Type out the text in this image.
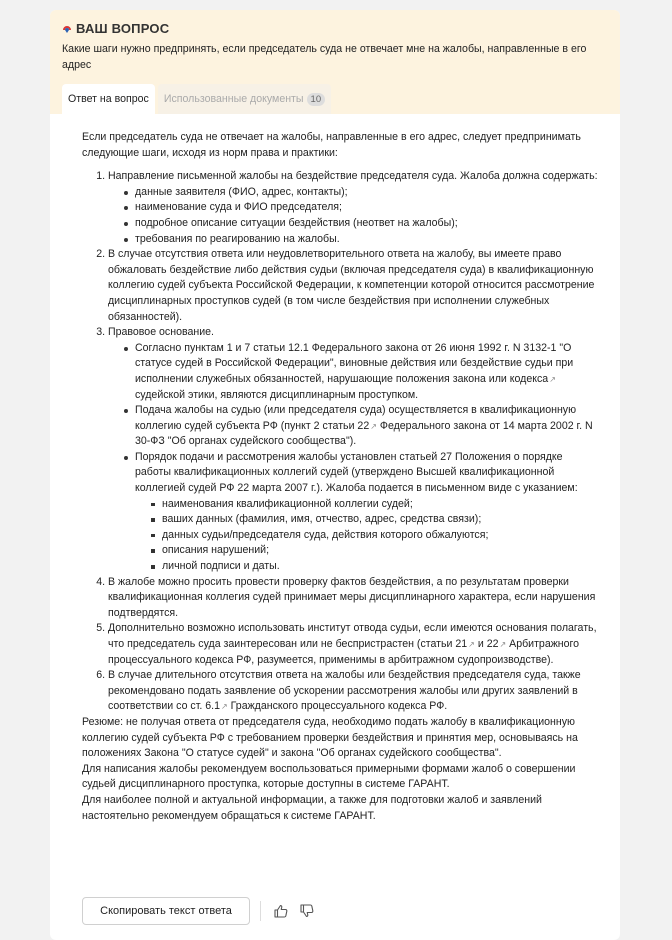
ВАШ ВОПРОС
Какие шаги нужно предпринять, если председатель суда не отвечает мне на жалобы, направленные в его адрес
Ответ на вопрос Использованные документы 10

Если председатель суда не отвечает на жалобы, направленные в его адрес, следует предпринимать следующие шаги, исходя из норм права и практики:

1. Направление письменной жалобы на бездействие председателя суда. Жалоба должна содержать:
данные заявителя (ФИО, адрес, контакты);
наименование суда и ФИО председателя;
подробное описание ситуации бездействия (неответ на жалобы);
требования по реагированию на жалобы.
2. В случае отсутствия ответа или неудовлетворительного ответа на жалобу, вы имеете право обжаловать бездействие либо действия судьи (включая председателя суда) в квалификационную коллегию судей субъекта Российской Федерации, к компетенции которой относится рассмотрение дисциплинарных проступков судей (в том числе бездействия при исполнении служебных обязанностей).
3. Правовое основание.
Согласно пунктам 1 и 7 статьи 12.1 Федерального закона от 26 июня 1992 г. N 3132-1 "О статусе судей в Российской Федерации", виновные действия или бездействие судьи при исполнении служебных обязанностей, нарушающие положения закона или кодекса↗ судейской этики, являются дисциплинарным проступком.
Подача жалобы на судью (или председателя суда) осуществляется в квалификационную коллегию судей субъекта РФ (пункт 2 статьи 22↗ Федерального закона от 14 марта 2002 г. N 30-ФЗ "Об органах судейского сообщества").
Порядок подачи и рассмотрения жалобы установлен статьей 27 Положения о порядке работы квалификационных коллегий судей (утверждено Высшей квалификационной коллегией судей РФ 22 марта 2007 г.). Жалоба подается в письменном виде с указанием:
наименования квалификационной коллегии судей;
ваших данных (фамилия, имя, отчество, адрес, средства связи);
данных судьи/председателя суда, действия которого обжалуются;
описания нарушений;
личной подписи и даты.
4. В жалобе можно просить провести проверку фактов бездействия, а по результатам проверки квалификационная коллегия судей принимает меры дисциплинарного характера, если нарушения подтвердятся.
5. Дополнительно возможно использовать институт отвода судьи, если имеются основания полагать, что председатель суда заинтересован или не беспристрастен (статьи 21↗ и 22↗ Арбитражного процессуального кодекса РФ, разумеется, применимы в арбитражном судопроизводстве).
6. В случае длительного отсутствия ответа на жалобы или бездействия председателя суда, также рекомендовано подать заявление об ускорении рассмотрения жалобы или других заявлений в соответствии со ст. 6.1↗ Гражданского процессуального кодекса РФ.

Резюме: не получая ответа от председателя суда, необходимо подать жалобу в квалификационную коллегию судей субъекта РФ с требованием проверки бездействия и принятия мер, основываясь на положениях Закона "О статусе судей" и закона "Об органах судейского сообщества".

Для написания жалобы рекомендуем воспользоваться примерными формами жалоб о совершении судьей дисциплинарного проступка, которые доступны в системе ГАРАНТ.

Для наиболее полной и актуальной информации, а также для подготовки жалоб и заявлений настоятельно рекомендуем обращаться к системе ГАРАНТ.

Скопировать текст ответа
